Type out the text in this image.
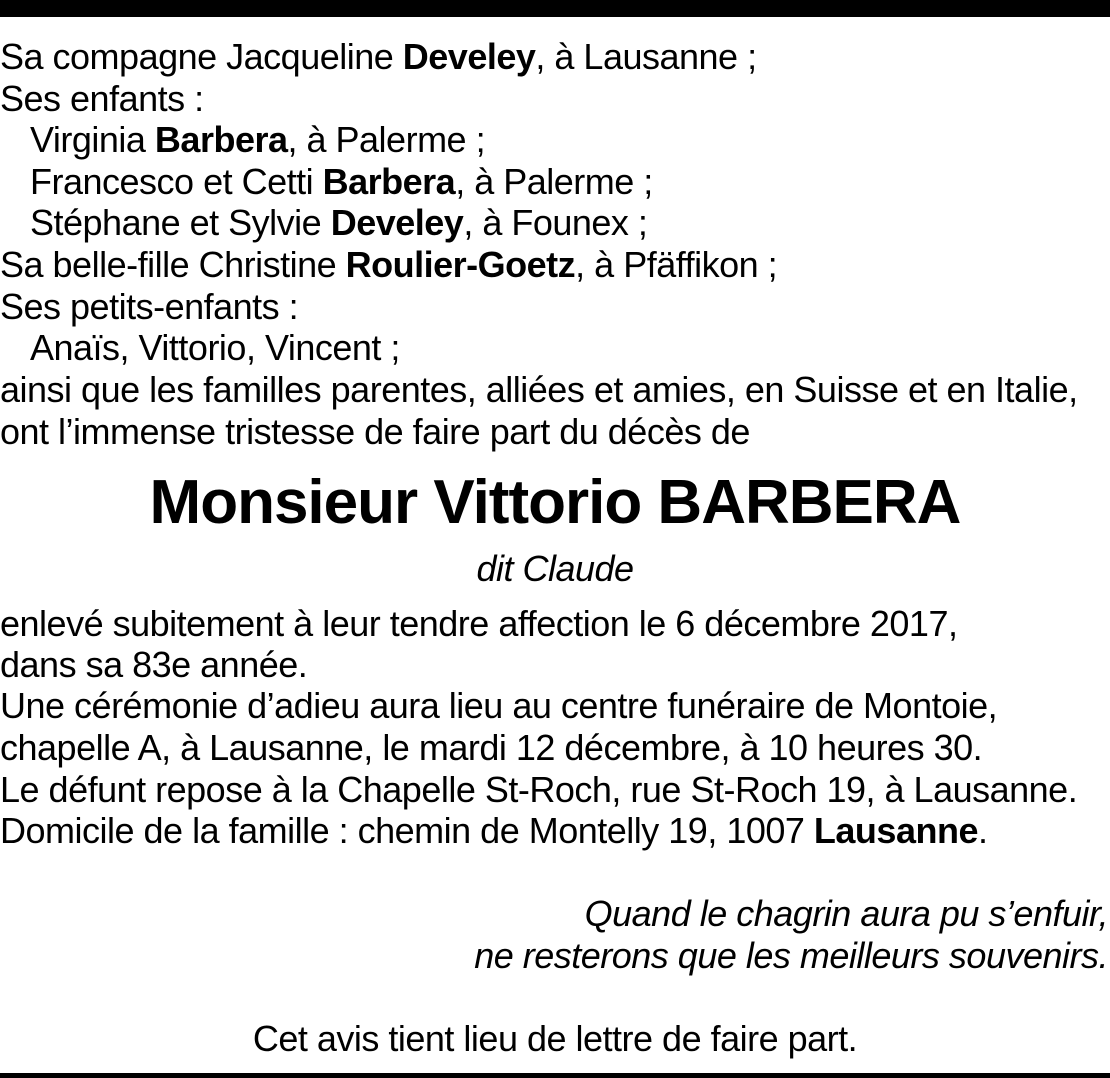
Sa compagne Jacqueline Develey, à Lausanne ;
Ses enfants :
Virginia Barbera, à Palerme ;
Francesco et Cetti Barbera, à Palerme ;
Stéphane et Sylvie Develey, à Founex ;
Sa belle-fille Christine Roulier-Goetz, à Pfäffikon ;
Ses petits-enfants :
Anaïs, Vittorio, Vincent ;
ainsi que les familles parentes, alliées et amies, en Suisse et en Italie,
ont l’immense tristesse de faire part du décès de
Monsieur Vittorio BARBERA
dit Claude
enlevé subitement à leur tendre affection le 6 décembre 2017,
dans sa 83e année.
Une cérémonie d’adieu aura lieu au centre funéraire de Montoie,
chapelle A, à Lausanne, le mardi 12 décembre, à 10 heures 30.
Le défunt repose à la Chapelle St-Roch, rue St-Roch 19, à Lausanne.
Domicile de la famille : chemin de Montelly 19, 1007 Lausanne.
Quand le chagrin aura pu s’enfuir,
ne resterons que les meilleurs souvenirs.
Cet avis tient lieu de lettre de faire part.
